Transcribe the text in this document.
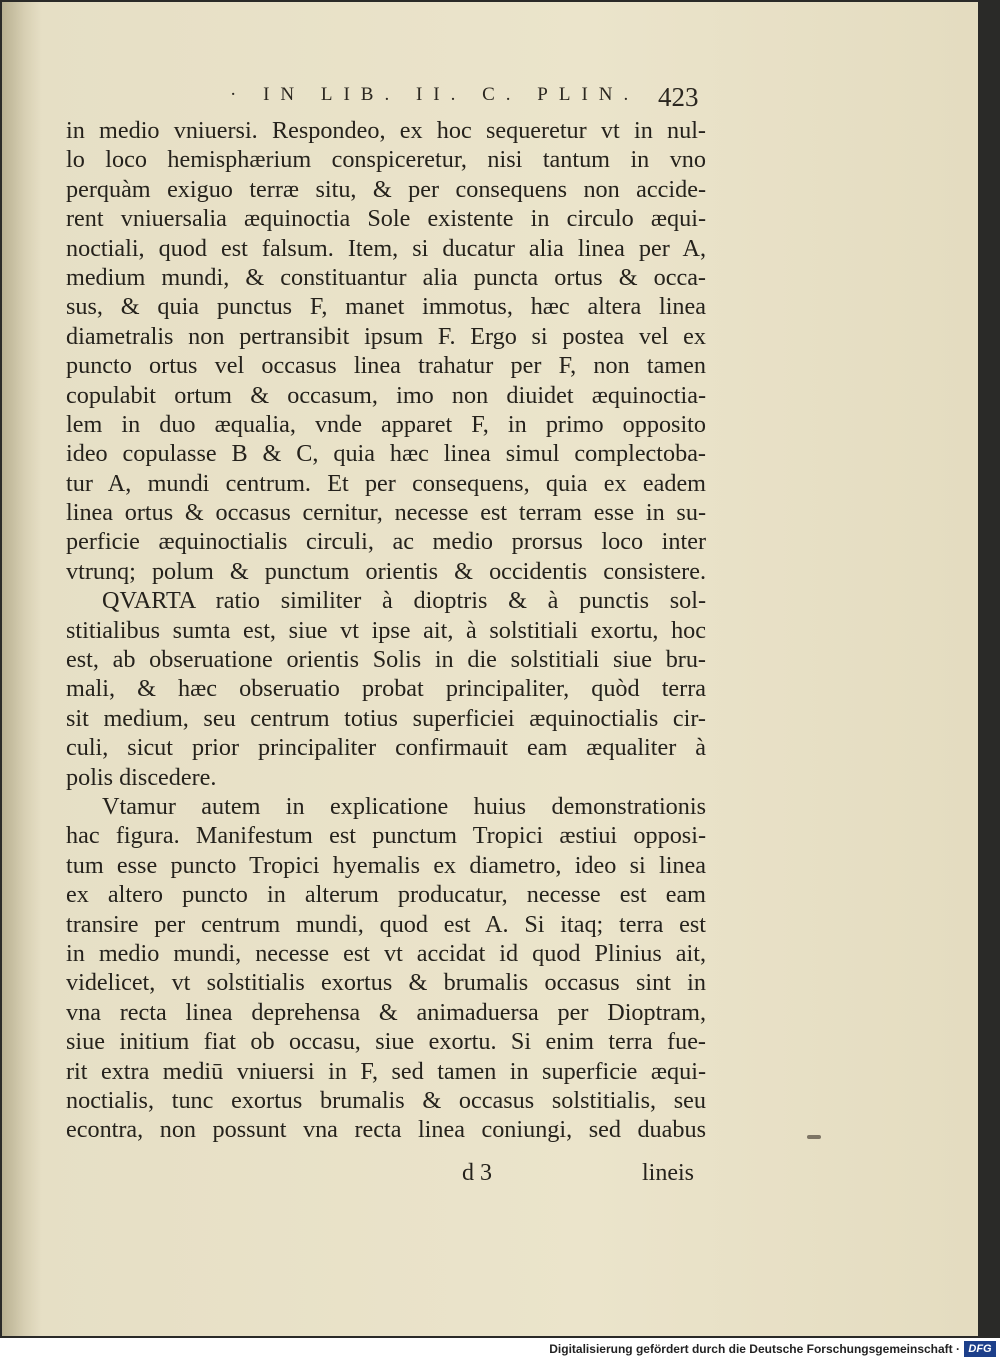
· IN LIB. II. C. PLIN. 423
in medio vniuersi. Respondeo, ex hoc sequeretur vt in nul-
lo loco hemisphærium conspiceretur, nisi tantum in vno
perquàm exiguo terræ situ, & per consequens non accide-
rent vniuersalia æquinoctia Sole existente in circulo æqui-
noctiali, quod est falsum. Item, si ducatur alia linea per A,
medium mundi, & constituantur alia puncta ortus & occa-
sus, & quia punctus F, manet immotus, hæc altera linea
diametralis non pertransibit ipsum F. Ergo si postea vel ex
puncto ortus vel occasus linea trahatur per F, non tamen
copulabit ortum & occasum, imo non diuidet æquinoctia-
lem in duo æqualia, vnde apparet F, in primo opposito
ideo copulasse B & C, quia hæc linea simul complectoba-
tur A, mundi centrum. Et per consequens, quia ex eadem
linea ortus & occasus cernitur, necesse est terram esse in su-
perficie æquinoctialis circuli, ac medio prorsus loco inter
vtrunq; polum & punctum orientis & occidentis consistere.
QVARTA ratio similiter à dioptris & à punctis sol-
stitialibus sumta est, siue vt ipse ait, à solstitiali exortu, hoc
est, ab obseruatione orientis Solis in die solstitiali siue bru-
mali, & hæc obseruatio probat principaliter, quòd terra
sit medium, seu centrum totius superficiei æquinoctialis cir-
culi, sicut prior principaliter confirmauit eam æqualiter à
polis discedere.
Vtamur autem in explicatione huius demonstrationis
hac figura. Manifestum est punctum Tropici æstiui opposi-
tum esse puncto Tropici hyemalis ex diametro, ideo si linea
ex altero puncto in alterum producatur, necesse est eam
transire per centrum mundi, quod est A. Si itaq; terra est
in medio mundi, necesse est vt accidat id quod Plinius ait,
videlicet, vt solstitialis exortus & brumalis occasus sint in
vna recta linea deprehensa & animaduersa per Dioptram,
siue initium fiat ob occasu, siue exortu. Si enim terra fue-
rit extra mediū vniuersi in F, sed tamen in superficie æqui-
noctialis, tunc exortus brumalis & occasus solstitialis, seu
econtra, non possunt vna recta linea coniungi, sed duabus
d 3	lineis
Digitalisierung gefördert durch die Deutsche Forschungsgemeinschaft · DFG
